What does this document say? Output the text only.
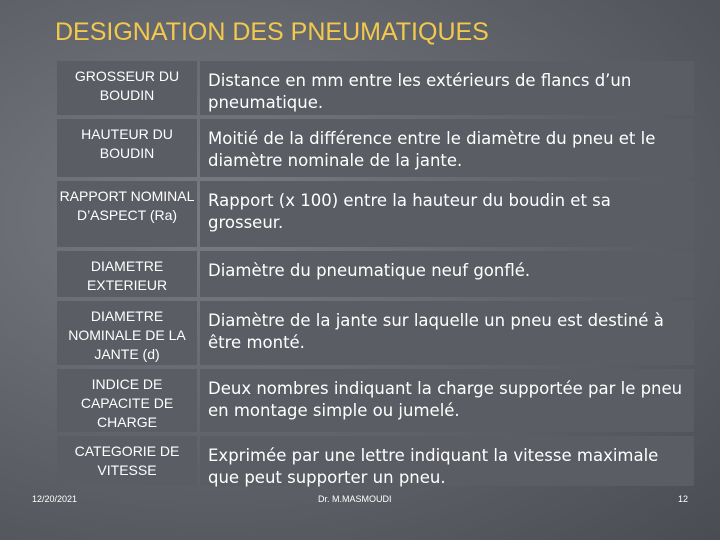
DESIGNATION DES PNEUMATIQUES
GROSSEUR DU BOUDIN
Distance en mm entre les extérieurs de flancs d’un pneumatique.
HAUTEUR DU BOUDIN
Moitié de la différence entre le diamètre du pneu et le diamètre nominale de la jante.
RAPPORT NOMINAL D’ASPECT (Ra)
Rapport (x 100) entre la hauteur du boudin et sa grosseur.
DIAMETRE EXTERIEUR
Diamètre du pneumatique neuf gonflé.
DIAMETRE NOMINALE DE LA JANTE (d)
Diamètre de la jante sur laquelle un pneu est destiné à être monté.
INDICE DE CAPACITE DE CHARGE
Deux nombres indiquant la charge supportée par le pneu en montage simple ou jumelé.
CATEGORIE DE VITESSE
Exprimée par une lettre indiquant la vitesse maximale que peut supporter un pneu.
12/20/2021	Dr. M.MASMOUDI	12
